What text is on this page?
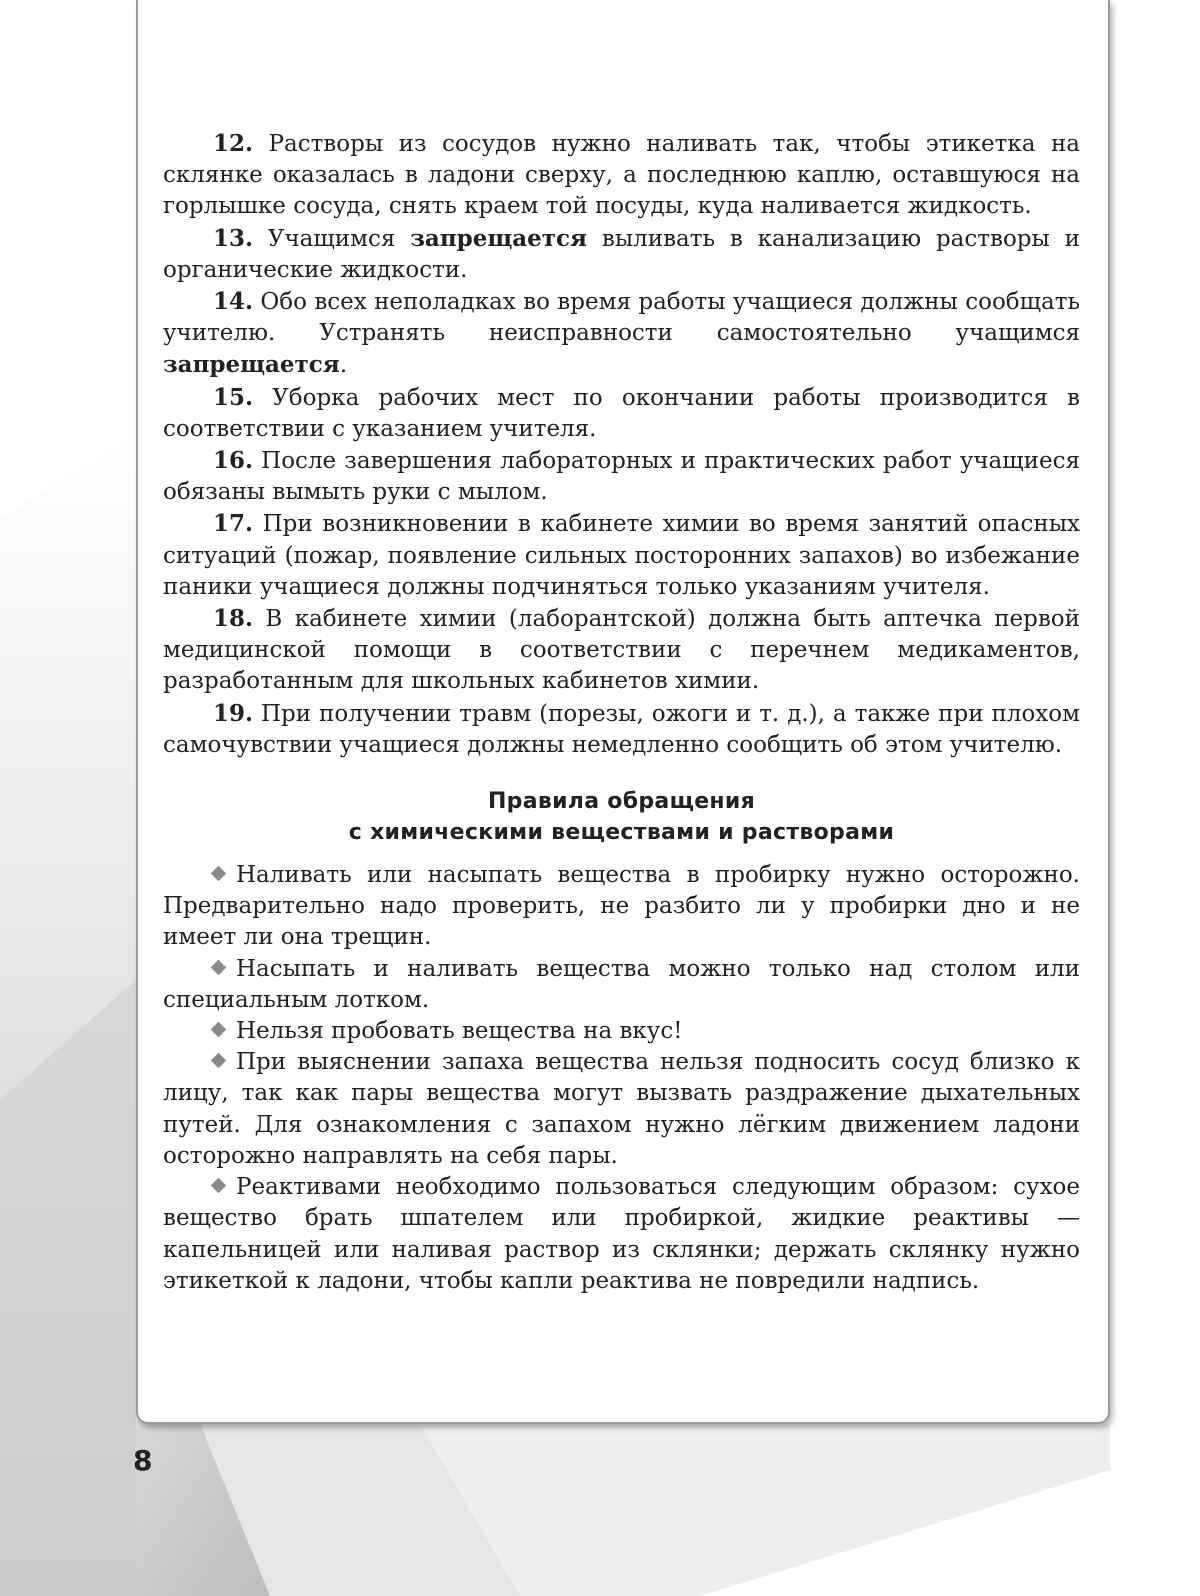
12. Растворы из сосудов нужно наливать так, чтобы этикетка на склянке оказалась в ладони сверху, а последнюю каплю, оставшуюся на горлышке сосуда, снять краем той посуды, куда наливается жидкость.

13. Учащимся запрещается выливать в канализацию растворы и органические жидкости.

14. Обо всех неполадках во время работы учащиеся должны сообщать учителю. Устранять неисправности самостоятельно учащимся запрещается.

15. Уборка рабочих мест по окончании работы производится в соответствии с указанием учителя.

16. После завершения лабораторных и практических работ учащиеся обязаны вымыть руки с мылом.

17. При возникновении в кабинете химии во время занятий опасных ситуаций (пожар, появление сильных посторонних запахов) во избежание паники учащиеся должны подчиняться только указаниям учителя.

18. В кабинете химии (лаборантской) должна быть аптечка первой медицинской помощи в соответствии с перечнем медикаментов, разработанным для школьных кабинетов химии.

19. При получении травм (порезы, ожоги и т. д.), а также при плохом самочувствии учащиеся должны немедленно сообщить об этом учителю.

Правила обращения
с химическими веществами и растворами

Наливать или насыпать вещества в пробирку нужно осторожно. Предварительно надо проверить, не разбито ли у пробирки дно и не имеет ли она трещин.

Насыпать и наливать вещества можно только над столом или специальным лотком.

Нельзя пробовать вещества на вкус!

При выяснении запаха вещества нельзя подносить сосуд близко к лицу, так как пары вещества могут вызвать раздражение дыхательных путей. Для ознакомления с запахом нужно лёгким движением ладони осторожно направлять на себя пары.

Реактивами необходимо пользоваться следующим образом: сухое вещество брать шпателем или пробиркой, жидкие реактивы — капельницей или наливая раствор из склянки; держать склянку нужно этикеткой к ладони, чтобы капли реактива не повредили надпись.

8
